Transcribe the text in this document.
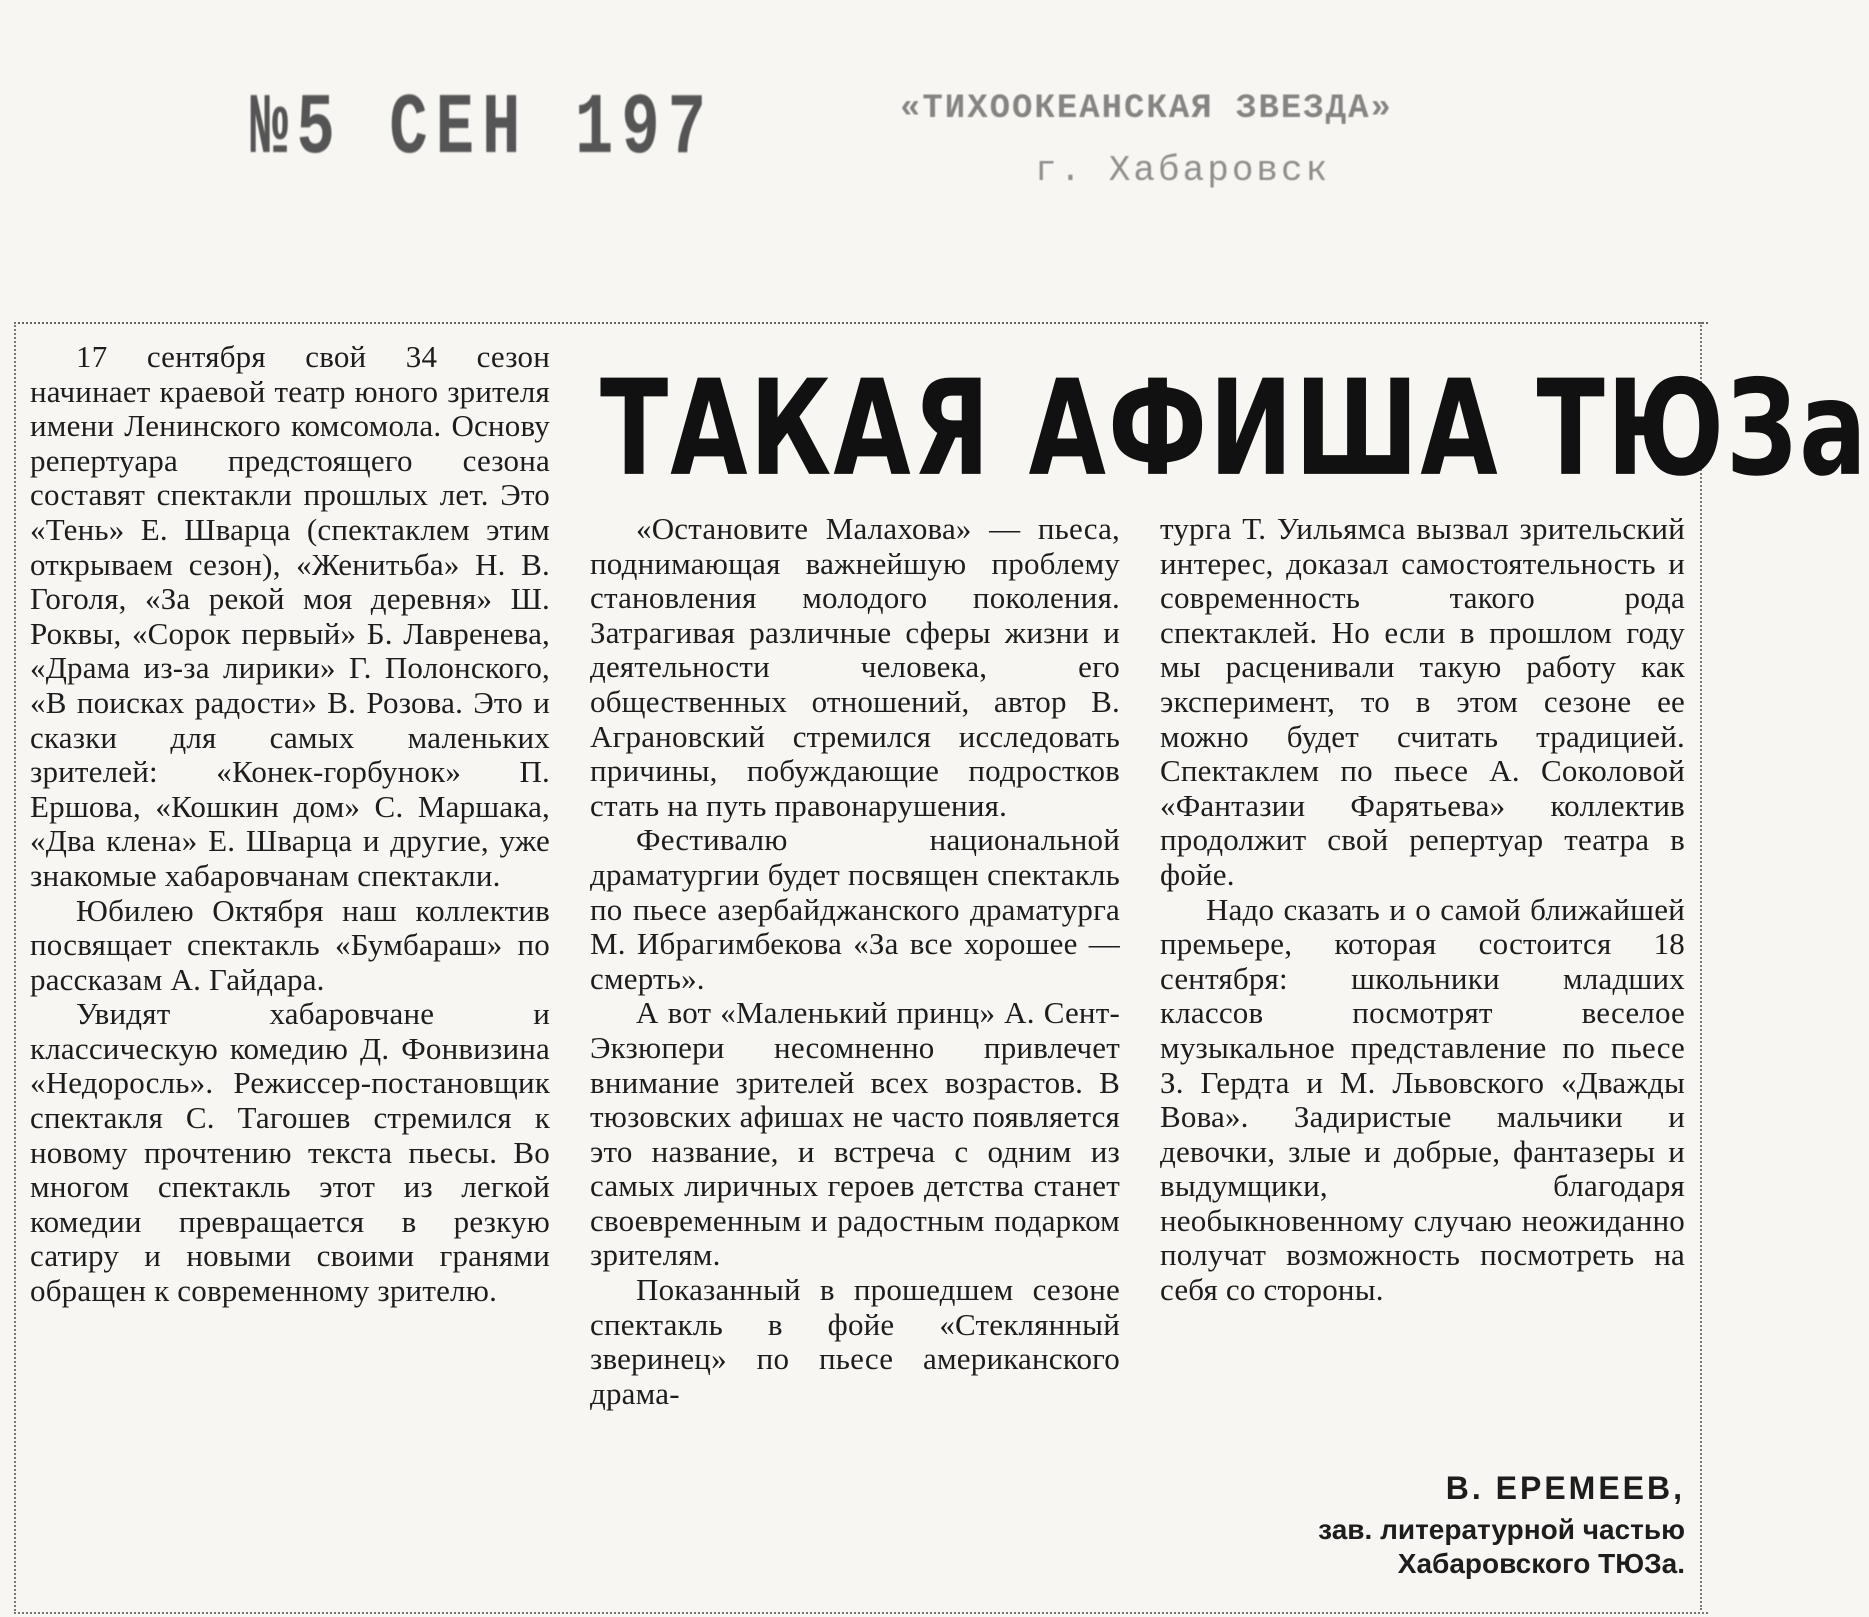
№5 СЕН 197	«ТИХООКЕАНСКАЯ ЗВЕЗДА»
г. Хабаровск

17 сентября свой 34 сезон начинает краевой театр юного зрителя имени Ленинского комсомола. Основу репертуара предстоящего сезона составят спектакли прошлых лет. Это «Тень» Е. Шварца (спектаклем этим открываем сезон), «Женитьба» Н. В. Гоголя, «За рекой моя деревня» Ш. Роквы, «Сорок первый» Б. Лавренева, «Драма из-за лирики» Г. Полонского, «В поисках радости» В. Розова. Это и сказки для самых маленьких зрителей: «Конек-горбунок» П. Ершова, «Кошкин дом» С. Маршака, «Два клена» Е. Шварца и другие, уже знакомые хабаровчанам спектакли.

Юбилею Октября наш коллектив посвящает спектакль «Бумбараш» по рассказам А. Гайдара.

Увидят хабаровчане и классическую комедию Д. Фонвизина «Недоросль». Режиссер-постановщик спектакля С. Тагошев стремился к новому прочтению текста пьесы. Во многом спектакль этот из легкой комедии превращается в резкую сатиру и новыми своими гранями обращен к современному зрителю.

ТАКАЯ АФИША ТЮЗа

«Остановите Малахова» — пьеса, поднимающая важнейшую проблему становления молодого поколения. Затрагивая различные сферы жизни и деятельности человека, его общественных отношений, автор В. Аграновский стремился исследовать причины, побуждающие подростков стать на путь правонарушения.

Фестивалю национальной драматургии будет посвящен спектакль по пьесе азербайджанского драматурга М. Ибрагимбекова «За все хорошее — смерть».

А вот «Маленький принц» А. Сент-Экзюпери несомненно привлечет внимание зрителей всех возрастов. В тюзовских афишах не часто появляется это название, и встреча с одним из самых лиричных героев детства станет своевременным и радостным подарком зрителям.

Показанный в прошедшем сезоне спектакль в фойе «Стеклянный зверинец» по пьесе американского драма-

турга Т. Уильямса вызвал зрительский интерес, доказал самостоятельность и современность такого рода спектаклей. Но если в прошлом году мы расценивали такую работу как эксперимент, то в этом сезоне ее можно будет считать традицией. Спектаклем по пьесе А. Соколовой «Фантазии Фарятьева» коллектив продолжит свой репертуар театра в фойе.

Надо сказать и о самой ближайшей премьере, которая состоится 18 сентября: школьники младших классов посмотрят веселое музыкальное представление по пьесе З. Гердта и М. Львовского «Дважды Вова». Задиристые мальчики и девочки, злые и добрые, фантазеры и выдумщики, благодаря необыкновенному случаю неожиданно получат возможность посмотреть на себя со стороны.

В. ЕРЕМЕЕВ,
зав. литературной частью
Хабаровского ТЮЗа.
